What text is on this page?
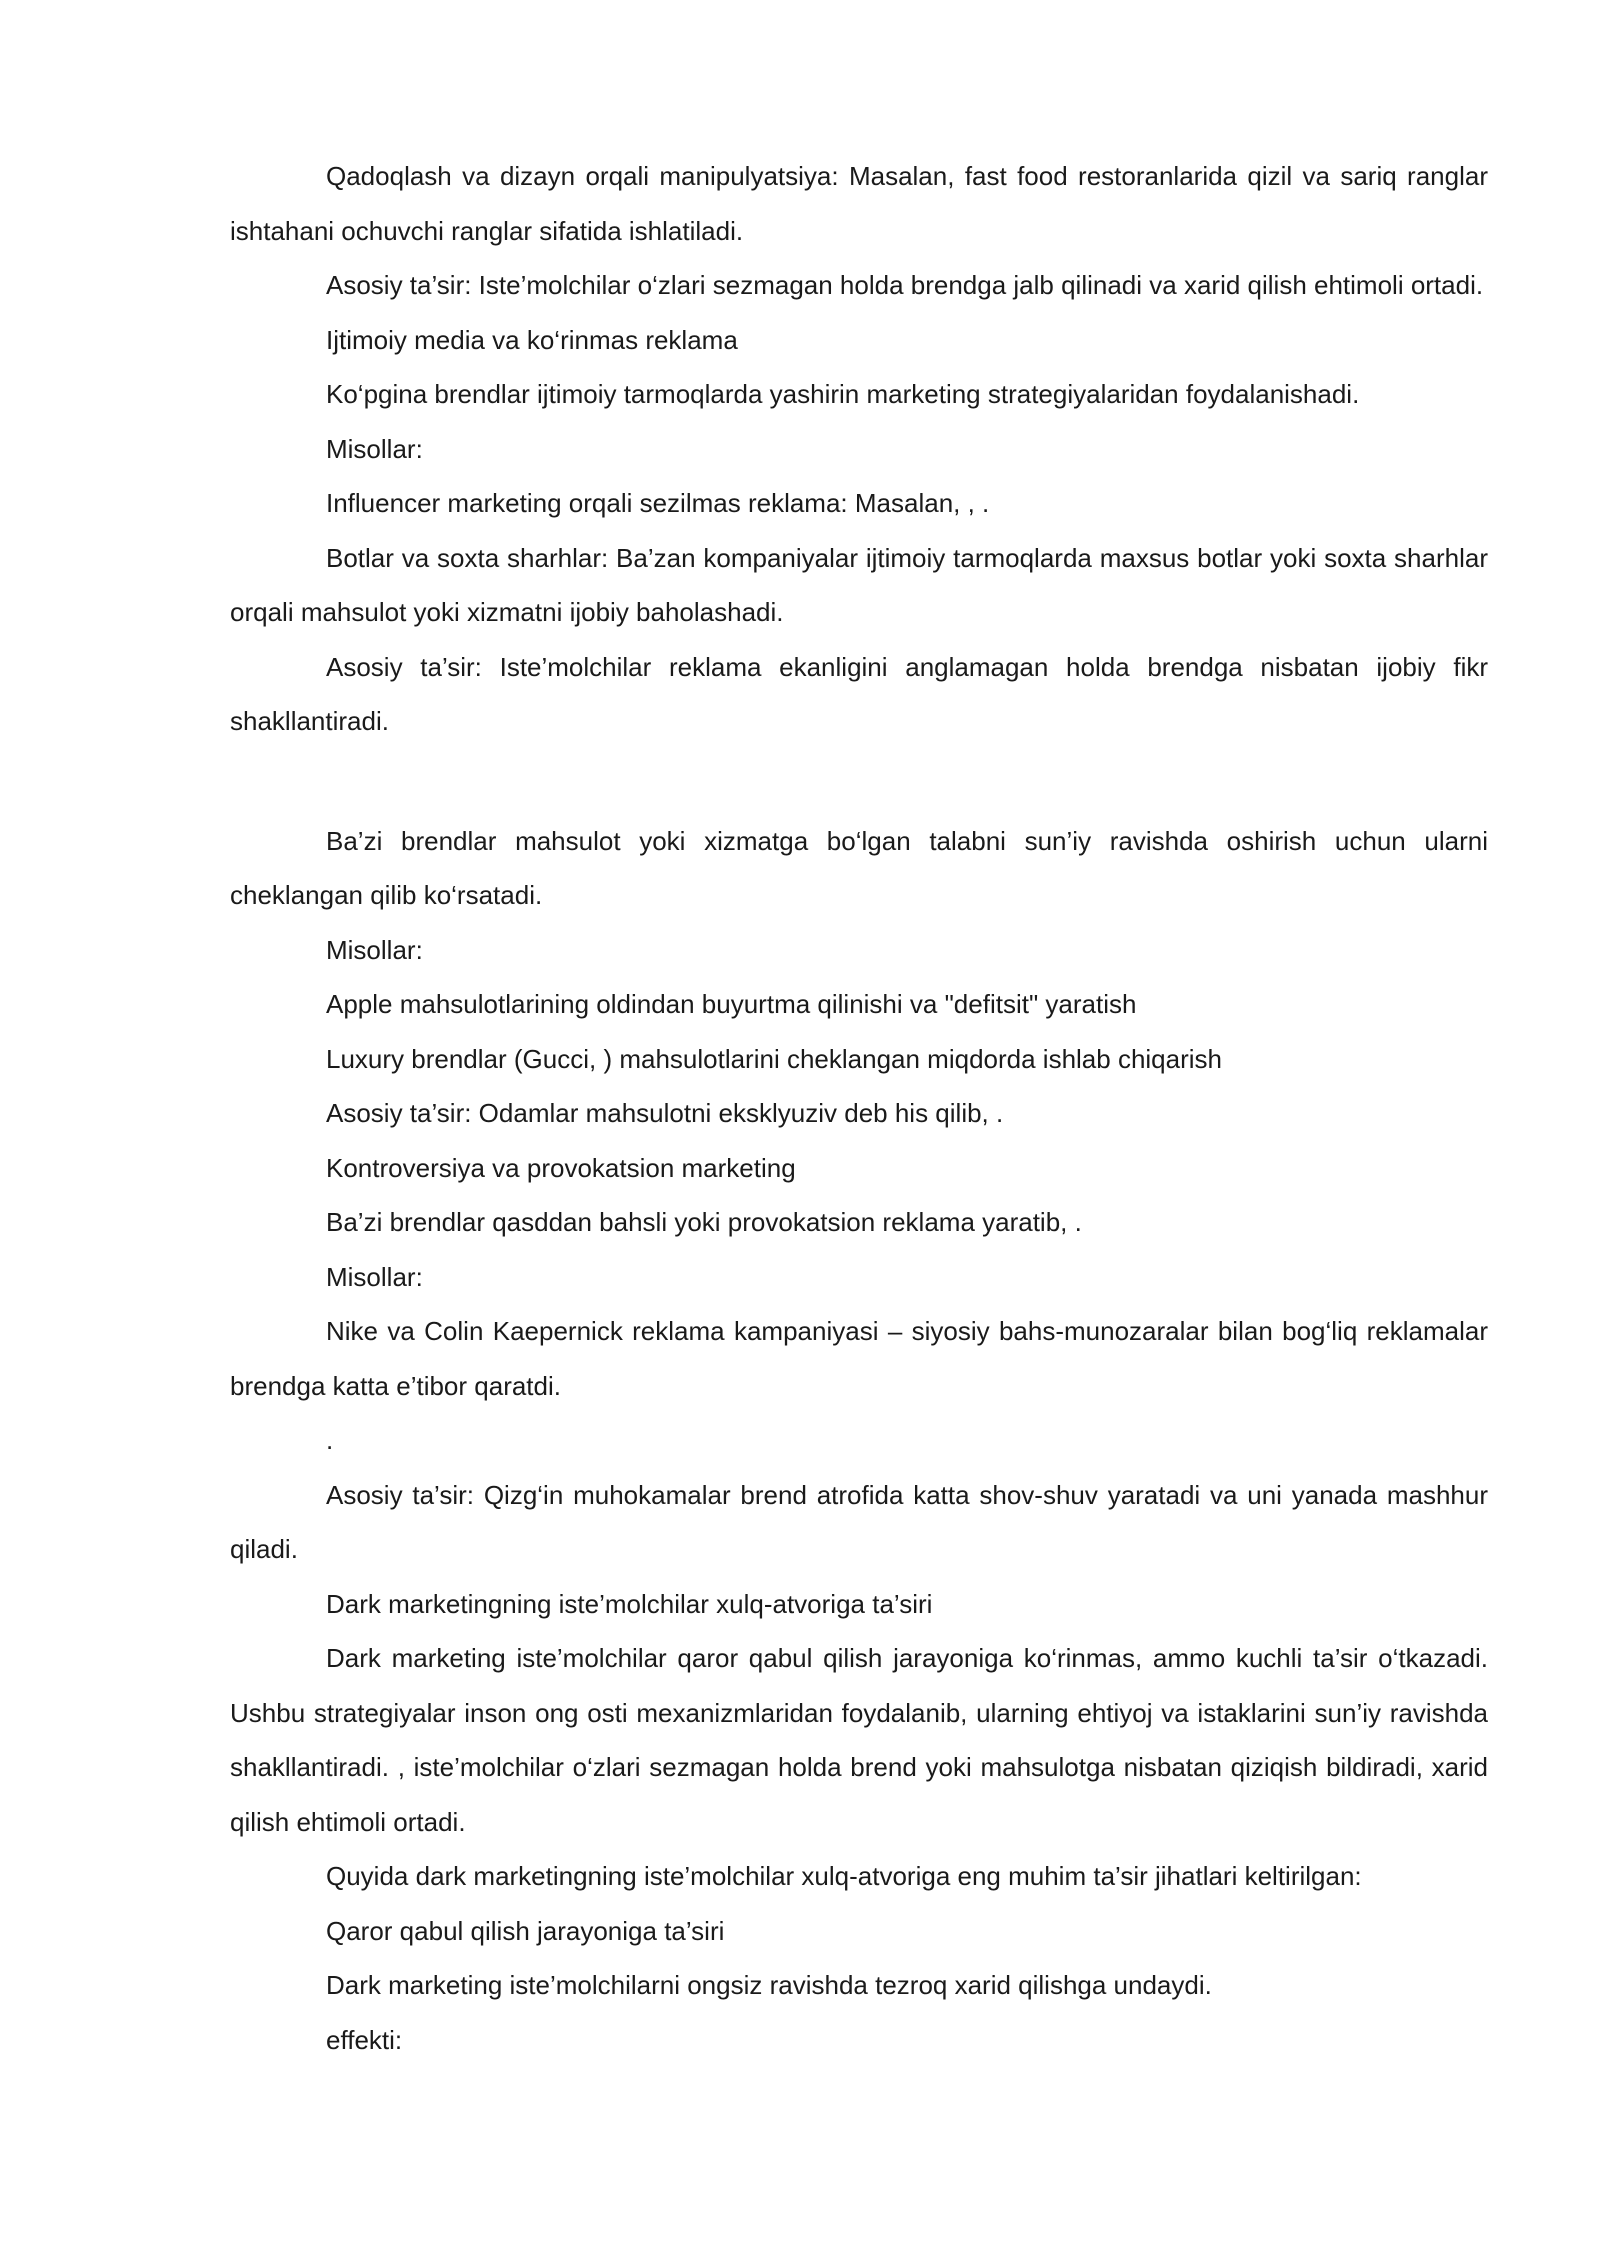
Qadoqlash va dizayn orqali manipulyatsiya: Masalan, fast food restoranlarida qizil va sariq ranglar ishtahani ochuvchi ranglar sifatida ishlatiladi.

Asosiy ta’sir: Iste’molchilar o‘zlari sezmagan holda brendga jalb qilinadi va xarid qilish ehtimoli ortadi.

Ijtimoiy media va ko‘rinmas reklama

Ko‘pgina brendlar ijtimoiy tarmoqlarda yashirin marketing strategiyalaridan foydalanishadi.

Misollar:

Influencer marketing orqali sezilmas reklama: Masalan, , .

Botlar va soxta sharhlar: Ba’zan kompaniyalar ijtimoiy tarmoqlarda maxsus botlar yoki soxta sharhlar orqali mahsulot yoki xizmatni ijobiy baholashadi.

Asosiy ta’sir: Iste’molchilar reklama ekanligini anglamagan holda brendga nisbatan ijobiy fikr shakllantiradi.

Ba’zi brendlar mahsulot yoki xizmatga bo‘lgan talabni sun’iy ravishda oshirish uchun ularni cheklangan qilib ko‘rsatadi.

Misollar:

Apple mahsulotlarining oldindan buyurtma qilinishi va "defitsit" yaratish

Luxury brendlar (Gucci, ) mahsulotlarini cheklangan miqdorda ishlab chiqarish

Asosiy ta’sir: Odamlar mahsulotni eksklyuziv deb his qilib, .

Kontroversiya va provokatsion marketing

Ba’zi brendlar qasddan bahsli yoki provokatsion reklama yaratib, .

Misollar:

Nike va Colin Kaepernick reklama kampaniyasi – siyosiy bahs-munozaralar bilan bog‘liq reklamalar brendga katta e’tibor qaratdi.

.

Asosiy ta’sir: Qizg‘in muhokamalar brend atrofida katta shov-shuv yaratadi va uni yanada mashhur qiladi.

Dark marketingning iste’molchilar xulq-atvoriga ta’siri

Dark marketing iste’molchilar qaror qabul qilish jarayoniga ko‘rinmas, ammo kuchli ta’sir o‘tkazadi. Ushbu strategiyalar inson ong osti mexanizmlaridan foydalanib, ularning ehtiyoj va istaklarini sun’iy ravishda shakllantiradi. , iste’molchilar o‘zlari sezmagan holda brend yoki mahsulotga nisbatan qiziqish bildiradi, xarid qilish ehtimoli ortadi.

Quyida dark marketingning iste’molchilar xulq-atvoriga eng muhim ta’sir jihatlari keltirilgan:

Qaror qabul qilish jarayoniga ta’siri

Dark marketing iste’molchilarni ongsiz ravishda tezroq xarid qilishga undaydi.

effekti:
